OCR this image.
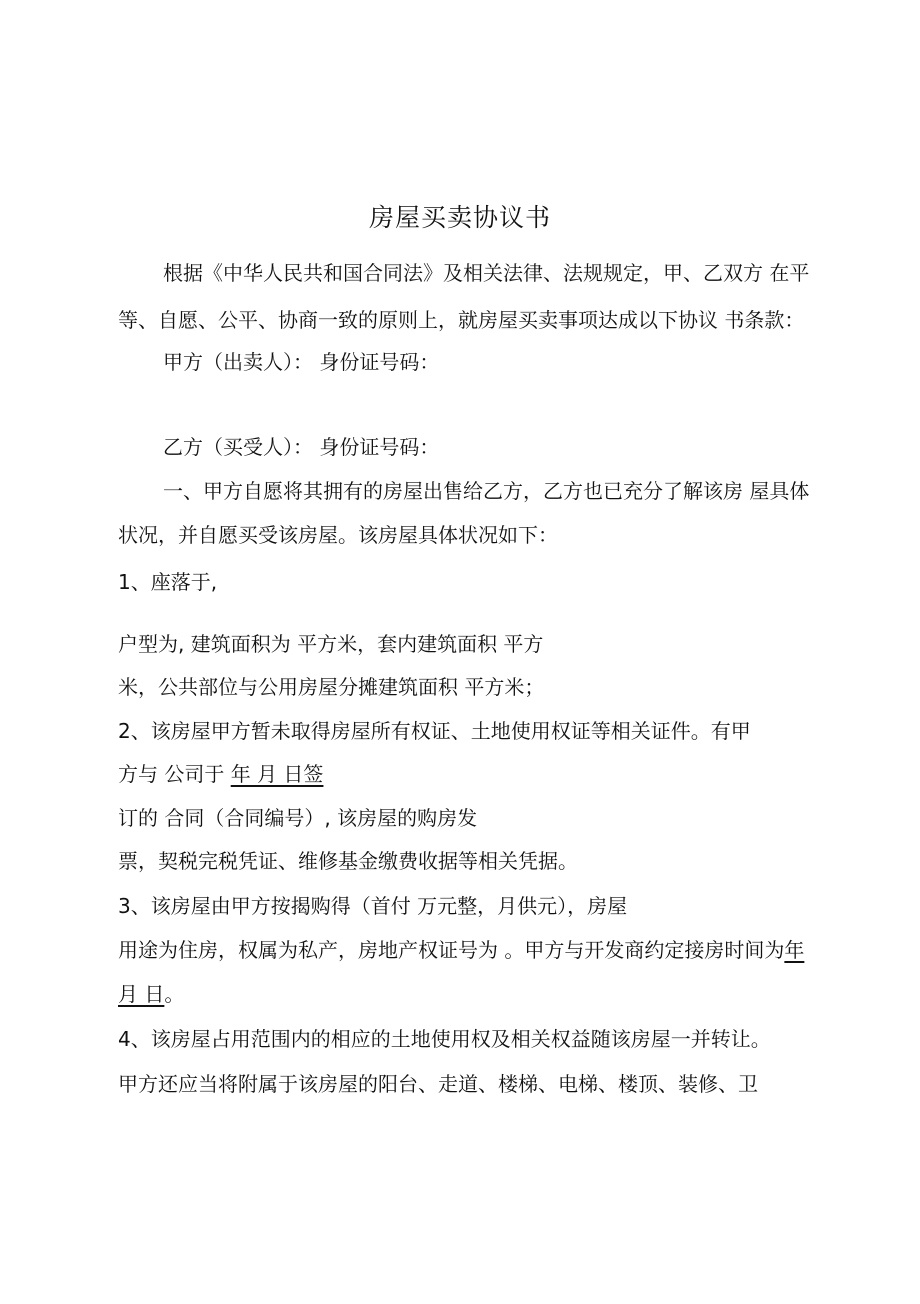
房屋买卖协议书
根据《中华人民共和国合同法》及相关法律、法规规定，甲、乙双方 在平
等、自愿、公平、协商一致的原则上，就房屋买卖事项达成以下协议 书条款：
甲方（出卖人）： 身份证号码：
乙方（买受人）： 身份证号码：
一、甲方自愿将其拥有的房屋出售给乙方，乙方也已充分了解该房 屋具体
状况，并自愿买受该房屋。该房屋具体状况如下：
1、座落于,
户型为, 建筑面积为 平方米，套内建筑面积 平方
米，公共部位与公用房屋分摊建筑面积 平方米；
2、该房屋甲方暂未取得房屋所有权证、土地使用权证等相关证件。有甲
方与 公司于 年 月 日签
订的 合同（合同编号）, 该房屋的购房发
票，契税完税凭证、维修基金缴费收据等相关凭据。
3、该房屋由甲方按揭购得（首付 万元整，月供元），房屋
用途为住房，权属为私产，房地产权证号为 。甲方与开发商约定接房时间为年
月 日。
4、该房屋占用范围内的相应的土地使用权及相关权益随该房屋一并转让。
甲方还应当将附属于该房屋的阳台、走道、楼梯、电梯、楼顶、装修、卫
